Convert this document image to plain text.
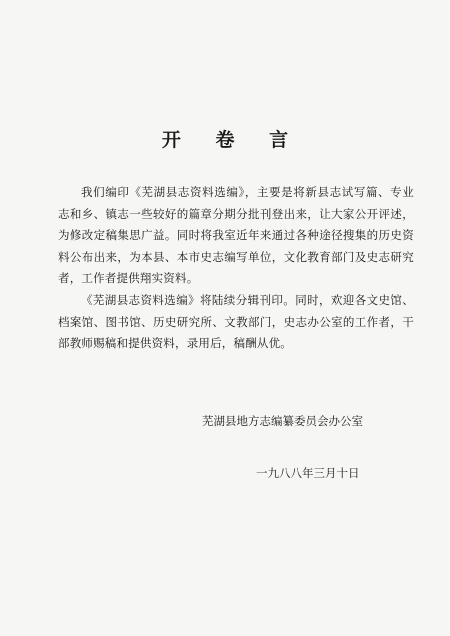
开 卷 言

我们编印《芜湖县志资料选编》，主要是将新县志试写篇、专业志和乡、镇志一些较好的篇章分期分批刊登出来，让大家公开评述，为修改定稿集思广益。同时将我室近年来通过各种途径搜集的历史资料公布出来，为本县、本市史志编写单位，文化教育部门及史志研究者，工作者提供翔实资料。

《芜湖县志资料选编》将陆续分辑刊印。同时，欢迎各文史馆、档案馆、图书馆、历史研究所、文教部门，史志办公室的工作者，干部教师赐稿和提供资料，录用后，稿酬从优。

芜湖县地方志编纂委员会办公室
一九八八年三月十日
